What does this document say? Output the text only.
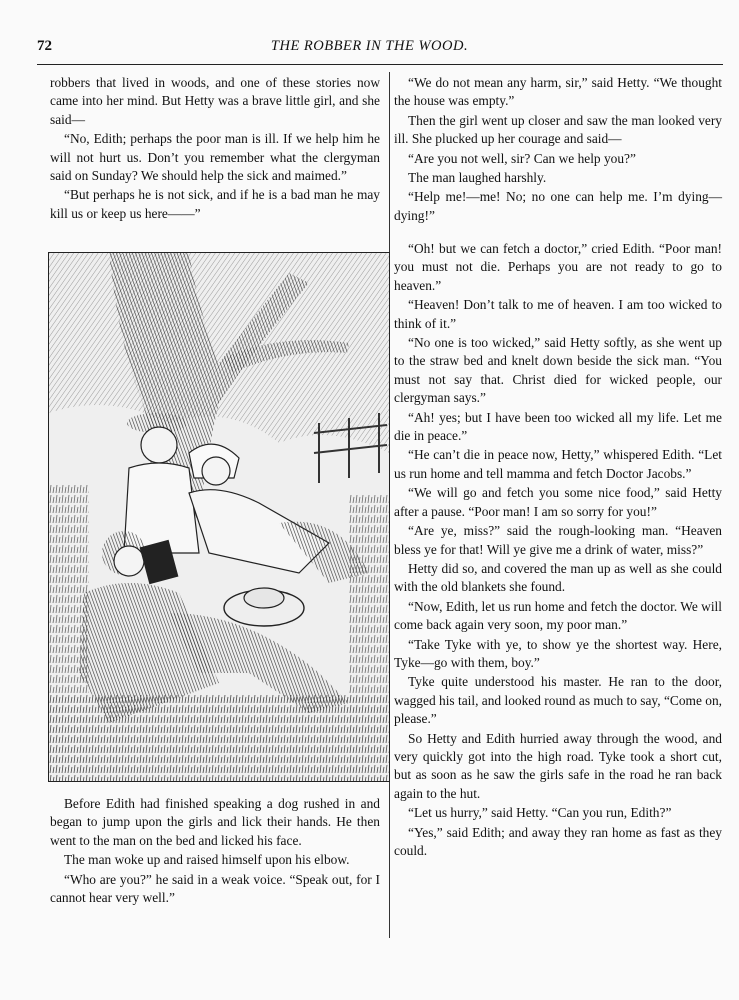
72	THE ROBBER IN THE WOOD.

robbers that lived in woods, and one of these stories now came into her mind. But Hetty was a brave little girl, and she said—

“No, Edith; perhaps the poor man is ill. If we help him he will not hurt us. Don’t you remember what the clergyman said on Sunday? We should help the sick and maimed.”

“But perhaps he is not sick, and if he is a bad man he may kill us or keep us here——”

Before Edith had finished speaking a dog rushed in and began to jump upon the girls and lick their hands. He then went to the man on the bed and licked his face.

The man woke up and raised himself upon his elbow.

“Who are you?” he said in a weak voice. “Speak out, for I cannot hear very well.”

“We do not mean any harm, sir,” said Hetty. “We thought the house was empty.”

Then the girl went up closer and saw the man looked very ill. She plucked up her courage and said—

“Are you not well, sir? Can we help you?”

The man laughed harshly.

“Help me!—me! No; no one can help me. I’m dying—dying!”

“Oh! but we can fetch a doctor,” cried Edith. “Poor man! you must not die. Perhaps you are not ready to go to heaven.”

“Heaven! Don’t talk to me of heaven. I am too wicked to think of it.”

“No one is too wicked,” said Hetty softly, as she went up to the straw bed and knelt down beside the sick man. “You must not say that. Christ died for wicked people, our clergyman says.”

“Ah! yes; but I have been too wicked all my life. Let me die in peace.”

“He can’t die in peace now, Hetty,” whispered Edith. “Let us run home and tell mamma and fetch Doctor Jacobs.”

“We will go and fetch you some nice food,” said Hetty after a pause. “Poor man! I am so sorry for you!”

“Are ye, miss?” said the rough-looking man. “Heaven bless ye for that! Will ye give me a drink of water, miss?”

Hetty did so, and covered the man up as well as she could with the old blankets she found.

“Now, Edith, let us run home and fetch the doctor. We will come back again very soon, my poor man.”

“Take Tyke with ye, to show ye the shortest way. Here, Tyke—go with them, boy.”

Tyke quite understood his master. He ran to the door, wagged his tail, and looked round as much to say, “Come on, please.”

So Hetty and Edith hurried away through the wood, and very quickly got into the high road. Tyke took a short cut, but as soon as he saw the girls safe in the road he ran back again to the hut.

“Let us hurry,” said Hetty. “Can you run, Edith?”

“Yes,” said Edith; and away they ran home as fast as they could.
